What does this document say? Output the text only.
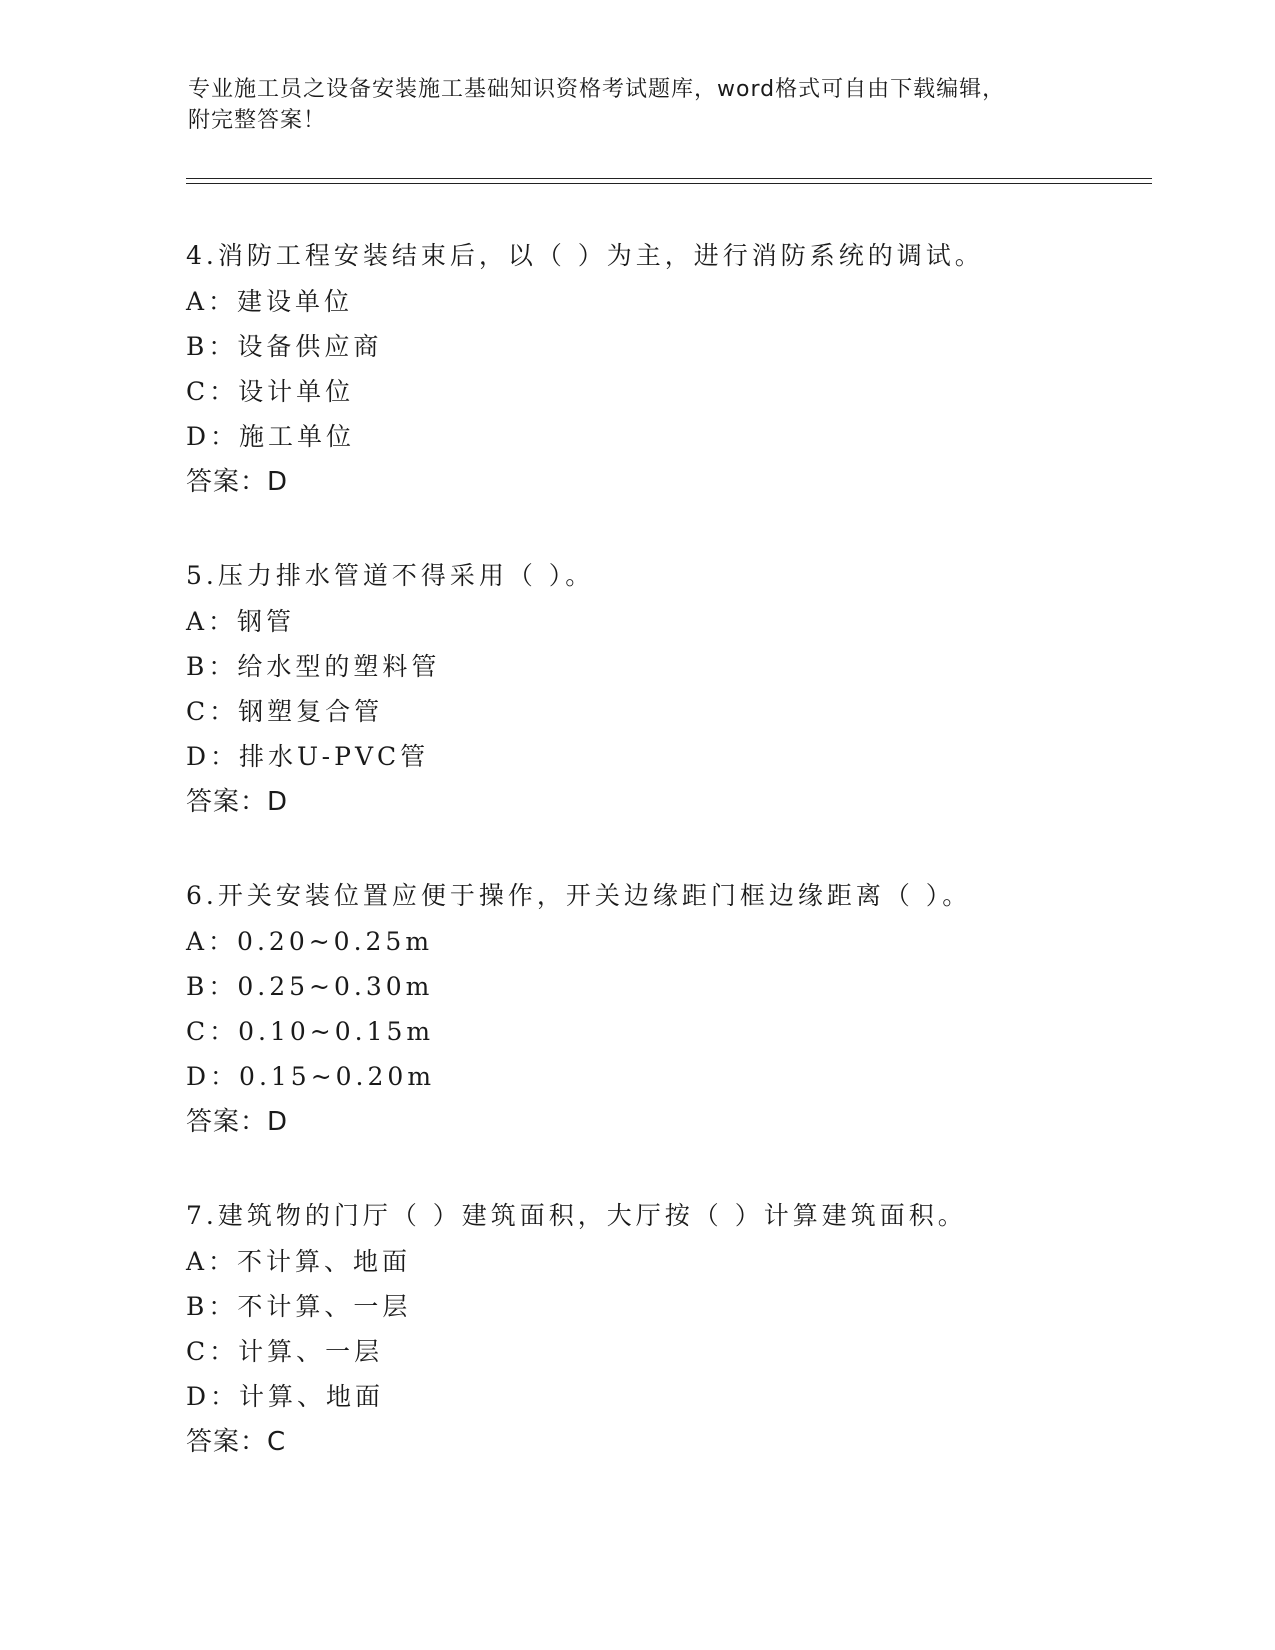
专业施工员之设备安装施工基础知识资格考试题库，word格式可自由下载编辑，
附完整答案！
4.消防工程安装结束后，以（ ）为主，进行消防系统的调试。
A：建设单位
B：设备供应商
C：设计单位
D：施工单位
答案：D
5.压力排水管道不得采用（ ）。
A：钢管
B：给水型的塑料管
C：钢塑复合管
D：排水U-PVC管
答案：D
6.开关安装位置应便于操作，开关边缘距门框边缘距离（ ）。
A：0.20~0.25m
B：0.25~0.30m
C：0.10~0.15m
D：0.15~0.20m
答案：D
7.建筑物的门厅（ ）建筑面积，大厅按（ ）计算建筑面积。
A：不计算、地面
B：不计算、一层
C：计算、一层
D：计算、地面
答案：C
